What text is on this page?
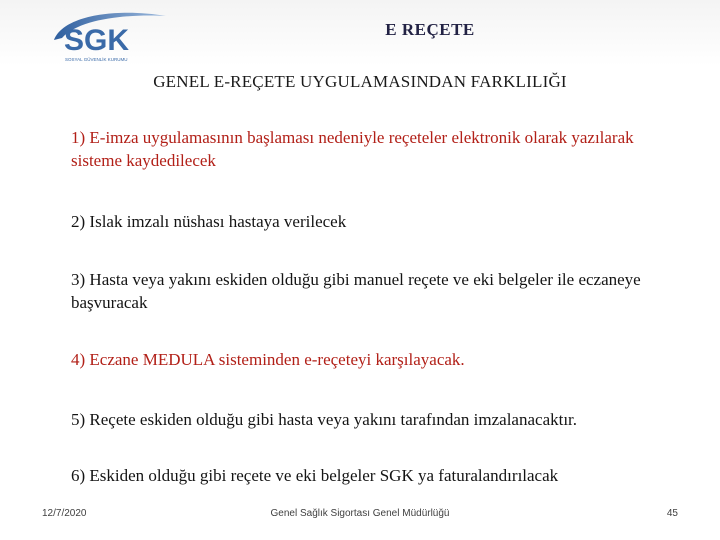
SGK
SOSYAL GÜVENLİK KURUMU
E REÇETE
GENEL E-REÇETE UYGULAMASINDAN FARKLILIĞI
1) E-imza uygulamasının başlaması nedeniyle reçeteler elektronik olarak yazılarak sisteme kaydedilecek
2) Islak imzalı nüshası hastaya verilecek
3) Hasta veya yakını eskiden olduğu gibi manuel reçete ve eki belgeler ile eczaneye başvuracak
4) Eczane MEDULA sisteminden e-reçeteyi karşılayacak.
5) Reçete eskiden olduğu gibi hasta veya yakını tarafından imzalanacaktır.
6) Eskiden olduğu gibi reçete ve eki belgeler SGK ya faturalandırılacak
12/7/2020	Genel Sağlık Sigortası Genel Müdürlüğü	45
